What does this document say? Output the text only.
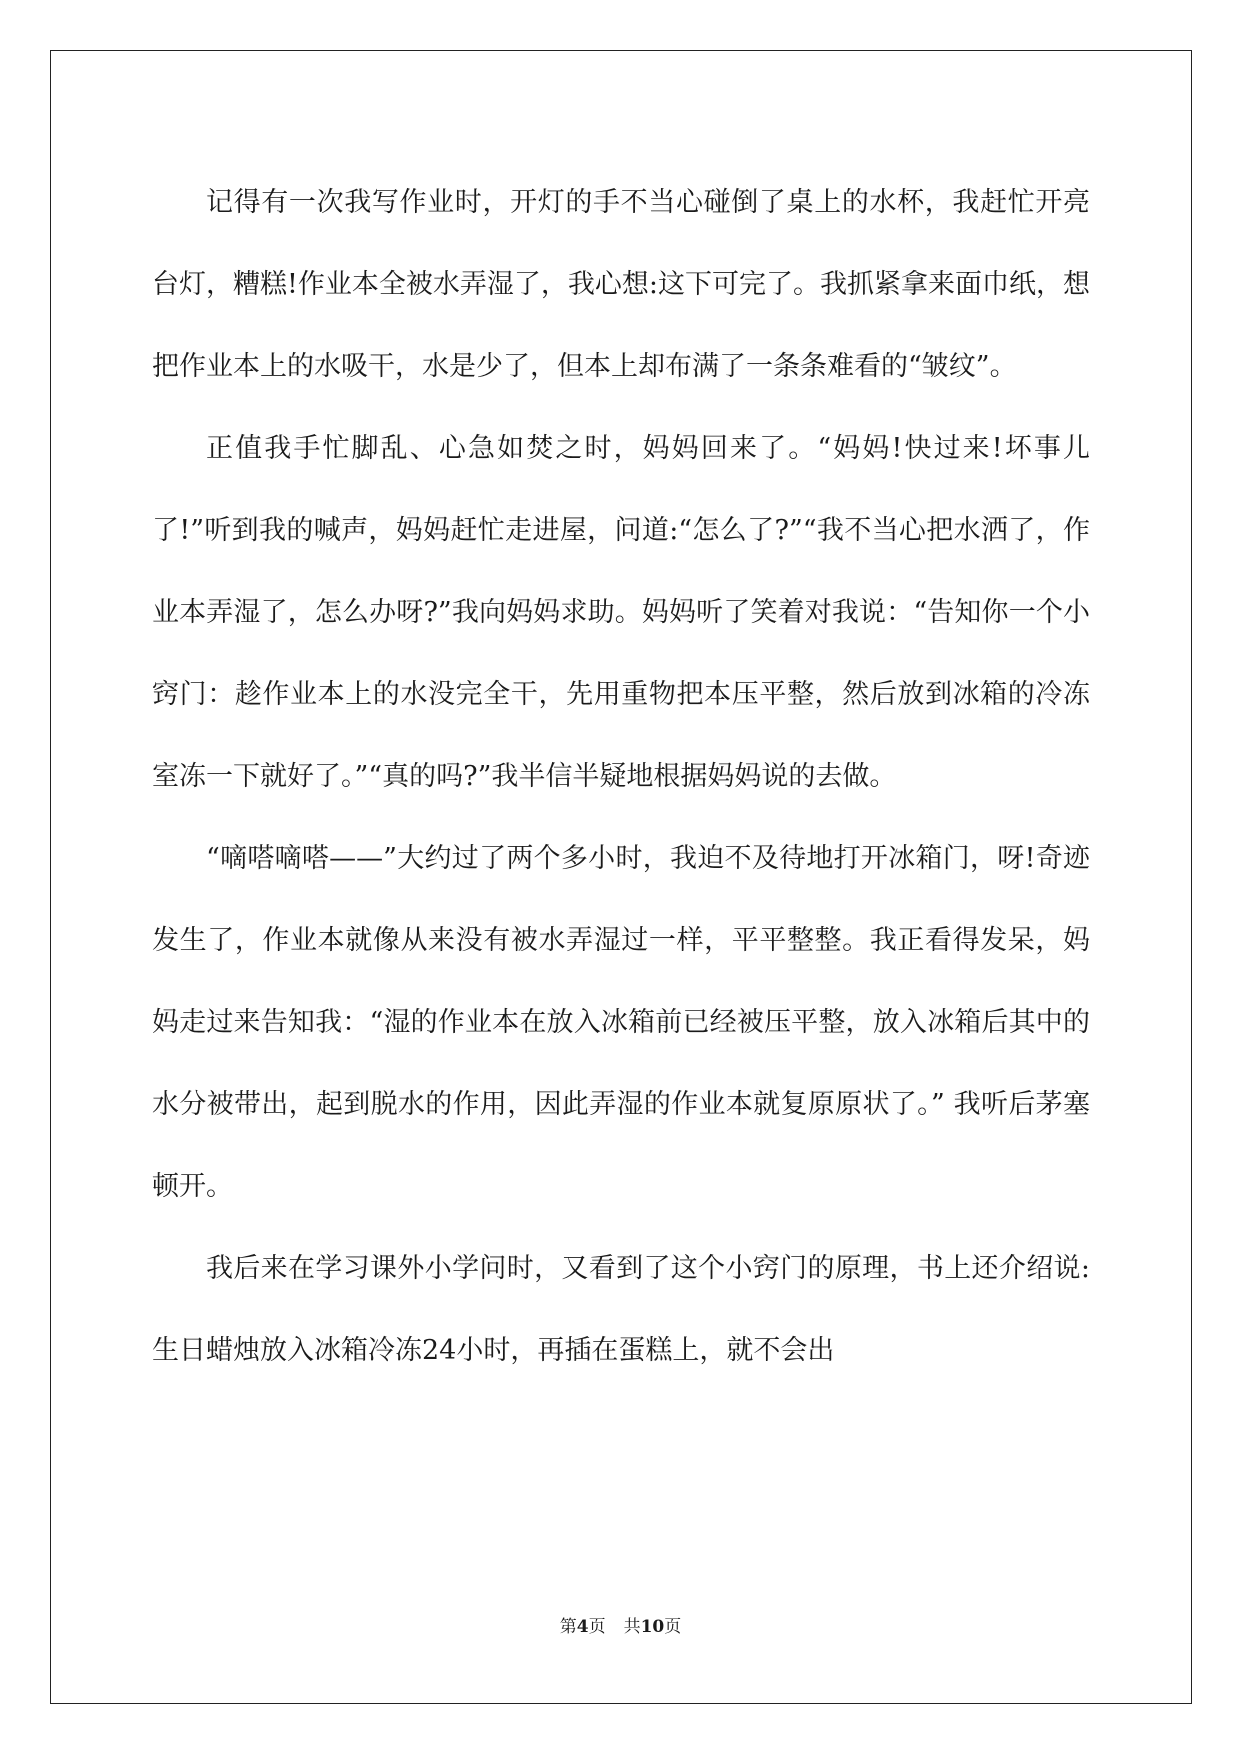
记得有一次我写作业时，开灯的手不当心碰倒了桌上的水杯，我赶忙开亮台灯，糟糕!作业本全被水弄湿了，我心想:这下可完了。我抓紧拿来面巾纸，想把作业本上的水吸干，水是少了，但本上却布满了一条条难看的“皱纹”。

正值我手忙脚乱、心急如焚之时，妈妈回来了。“妈妈!快过来!坏事儿了!”听到我的喊声，妈妈赶忙走进屋，问道:“怎么了?”“我不当心把水洒了，作业本弄湿了，怎么办呀?”我向妈妈求助。妈妈听了笑着对我说：“告知你一个小窍门：趁作业本上的水没完全干，先用重物把本压平整，然后放到冰箱的冷冻室冻一下就好了。”“真的吗?”我半信半疑地根据妈妈说的去做。

“嘀嗒嘀嗒——”大约过了两个多小时，我迫不及待地打开冰箱门，呀!奇迹发生了，作业本就像从来没有被水弄湿过一样，平平整整。我正看得发呆，妈妈走过来告知我：“湿的作业本在放入冰箱前已经被压平整，放入冰箱后其中的水分被带出，起到脱水的作用，因此弄湿的作业本就复原原状了。” 我听后茅塞顿开。

我后来在学习课外小学问时，又看到了这个小窍门的原理，书上还介绍说:生日蜡烛放入冰箱冷冻24小时，再插在蛋糕上，就不会出

第4页 共10页
